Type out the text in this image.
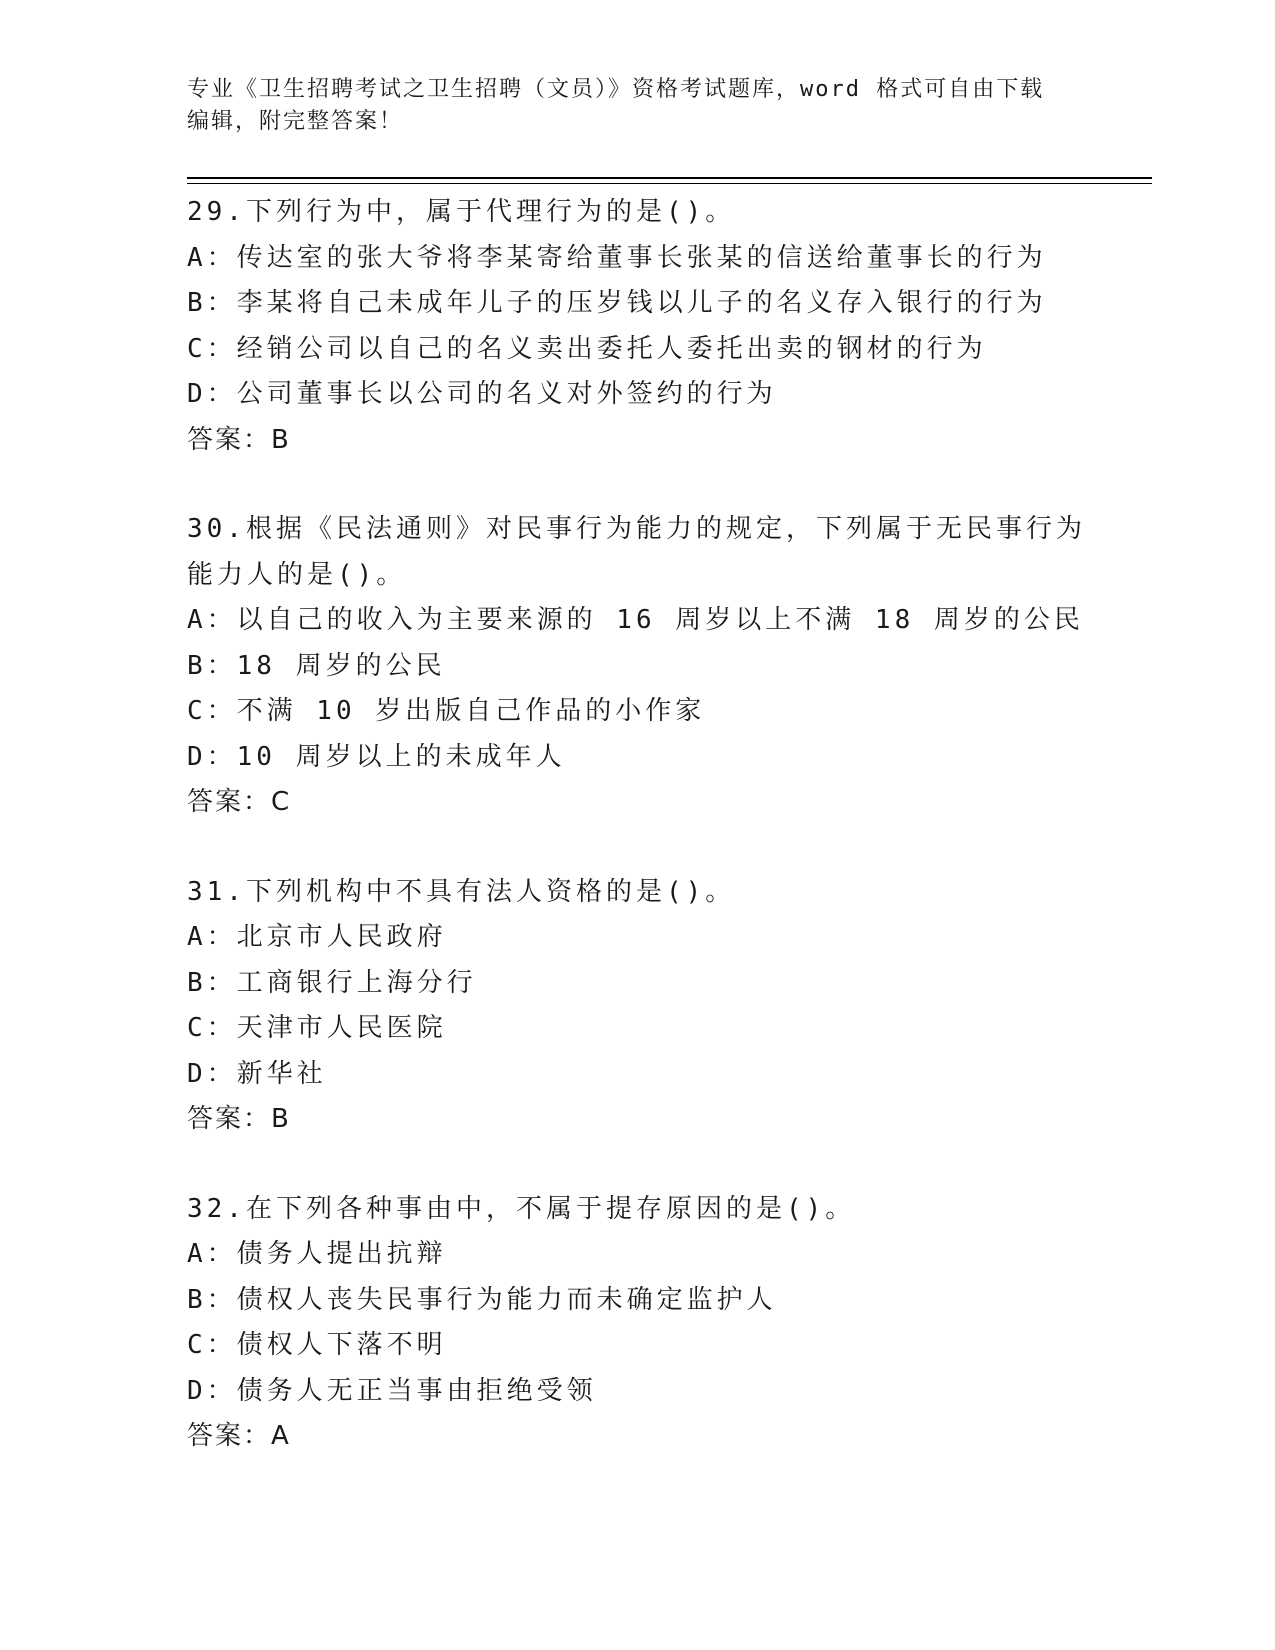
专业《卫生招聘考试之卫生招聘（文员）》资格考试题库，word 格式可自由下载
编辑，附完整答案！
29.下列行为中，属于代理行为的是()。
A：传达室的张大爷将李某寄给董事长张某的信送给董事长的行为
B：李某将自己未成年儿子的压岁钱以儿子的名义存入银行的行为
C：经销公司以自己的名义卖出委托人委托出卖的钢材的行为
D：公司董事长以公司的名义对外签约的行为
答案：B
30.根据《民法通则》对民事行为能力的规定，下列属于无民事行为能力人的是()。
A：以自己的收入为主要来源的 16 周岁以上不满 18 周岁的公民
B：18 周岁的公民
C：不满 10 岁出版自己作品的小作家
D：10 周岁以上的未成年人
答案：C
31.下列机构中不具有法人资格的是()。
A：北京市人民政府
B：工商银行上海分行
C：天津市人民医院
D：新华社
答案：B
32.在下列各种事由中，不属于提存原因的是()。
A：债务人提出抗辩
B：债权人丧失民事行为能力而未确定监护人
C：债权人下落不明
D：债务人无正当事由拒绝受领
答案：A
